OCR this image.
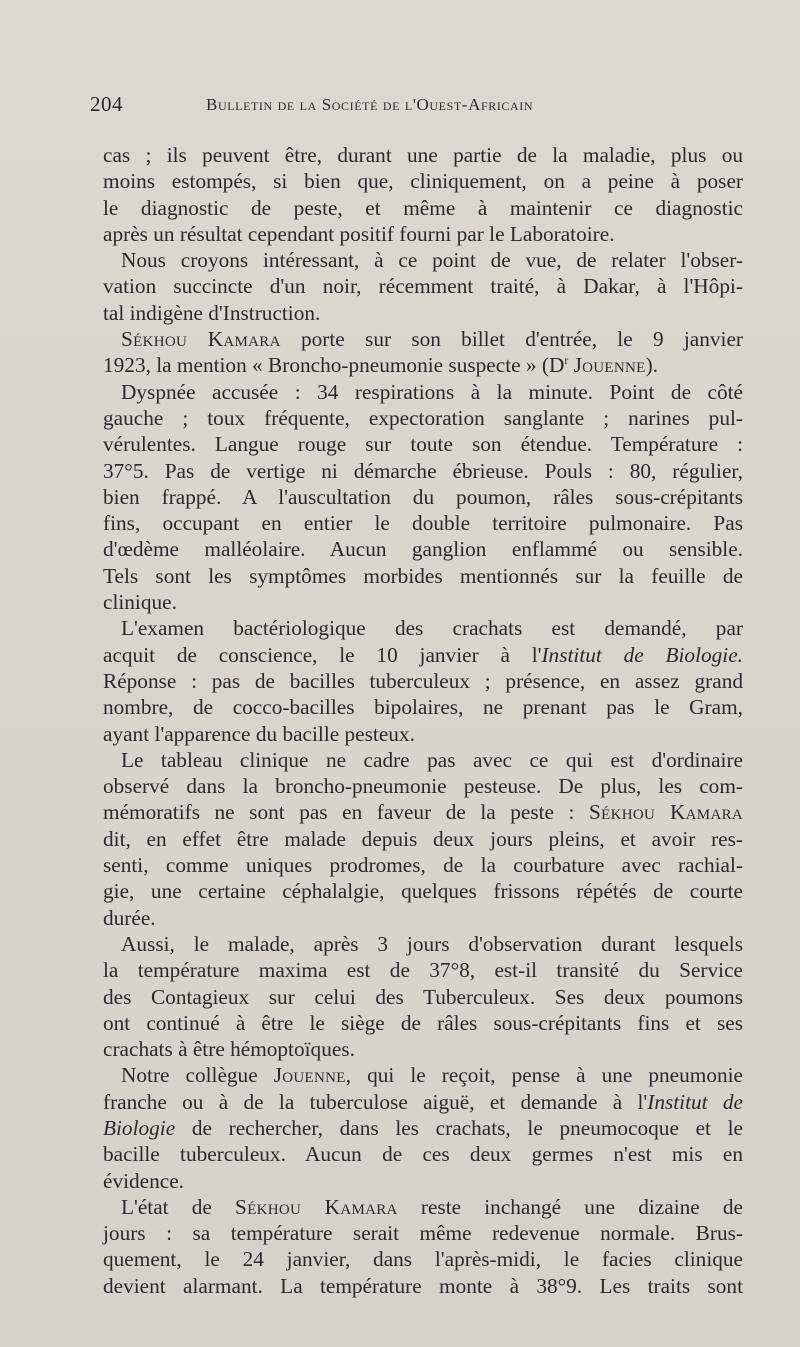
204	Bulletin de la Société de l'Ouest-Africain
cas ; ils peuvent être, durant une partie de la maladie, plus ou
moins estompés, si bien que, cliniquement, on a peine à poser
le diagnostic de peste, et même à maintenir ce diagnostic
après un résultat cependant positif fourni par le Laboratoire.
Nous croyons intéressant, à ce point de vue, de relater l'obser-
vation succincte d'un noir, récemment traité, à Dakar, à l'Hôpi-
tal indigène d'Instruction.
Sékhou Kamara porte sur son billet d'entrée, le 9 janvier
1923, la mention « Broncho-pneumonie suspecte » ($D^r$ Jouenne).
Dyspnée accusée : 34 respirations à la minute. Point de côté
gauche ; toux fréquente, expectoration sanglante ; narines pul-
vérulentes. Langue rouge sur toute son étendue. Température :
37°5. Pas de vertige ni démarche ébrieuse. Pouls : 80, régulier,
bien frappé. A l'auscultation du poumon, râles sous-crépitants
fins, occupant en entier le double territoire pulmonaire. Pas
d'œdème malléolaire. Aucun ganglion enflammé ou sensible.
Tels sont les symptômes morbides mentionnés sur la feuille de
clinique.
L'examen bactériologique des crachats est demandé, par
acquit de conscience, le 10 janvier à l'Institut de Biologie.
Réponse : pas de bacilles tuberculeux ; présence, en assez grand
nombre, de cocco-bacilles bipolaires, ne prenant pas le Gram,
ayant l'apparence du bacille pesteux.
Le tableau clinique ne cadre pas avec ce qui est d'ordinaire
observé dans la broncho-pneumonie pesteuse. De plus, les com-
mémoratifs ne sont pas en faveur de la peste : Sékhou Kamara
dit, en effet être malade depuis deux jours pleins, et avoir res-
senti, comme uniques prodromes, de la courbature avec rachial-
gie, une certaine céphalalgie, quelques frissons répétés de courte
durée.
Aussi, le malade, après 3 jours d'observation durant lesquels
la température maxima est de 37°8, est-il transité du Service
des Contagieux sur celui des Tuberculeux. Ses deux poumons
ont continué à être le siège de râles sous-crépitants fins et ses
crachats à être hémoptoïques.
Notre collègue Jouenne, qui le reçoit, pense à une pneumonie
franche ou à de la tuberculose aiguë, et demande à l'Institut de
Biologie de rechercher, dans les crachats, le pneumocoque et le
bacille tuberculeux. Aucun de ces deux germes n'est mis en
évidence.
L'état de Sékhou Kamara reste inchangé une dizaine de
jours : sa température serait même redevenue normale. Brus-
quement, le 24 janvier, dans l'après-midi, le facies clinique
devient alarmant. La température monte à 38°9. Les traits sont
